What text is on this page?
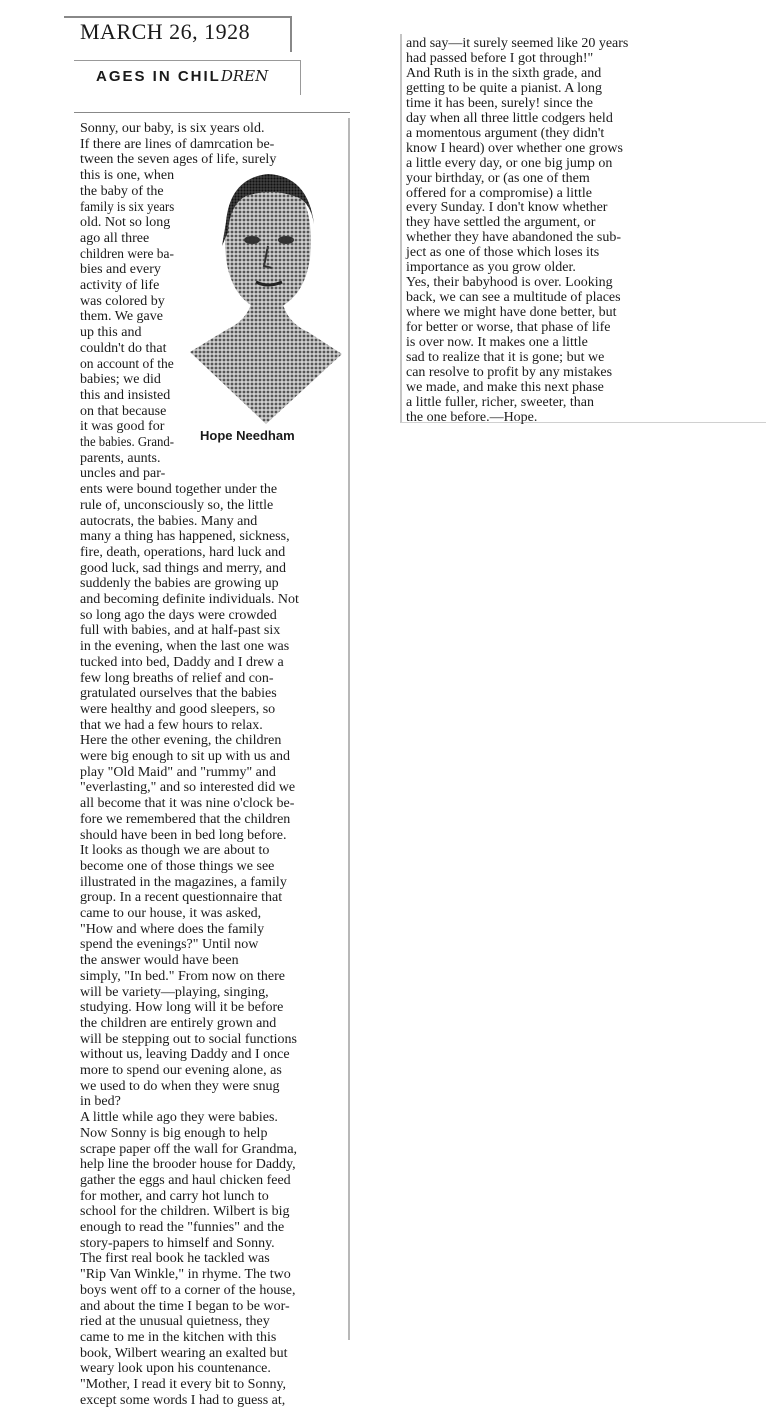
MARCH 26, 1928
AGES IN CHILDREN
Hope Needham
Sonny, our baby, is six years old.
If there are lines of damrcation be-
tween the seven ages of life, surely
this is one, when
the baby of the
family is six years
old. Not so long
ago all three
children were ba-
bies and every
activity of life
was colored by
them. We gave
up this and
couldn't do that
on account of the
babies; we did
this and insisted
on that because
it was good for
the babies. Grand-
parents, aunts.
uncles and par-
ents were bound together under the
rule of, unconsciously so, the little
autocrats, the babies. Many and
many a thing has happened, sickness,
fire, death, operations, hard luck and
good luck, sad things and merry, and
suddenly the babies are growing up
and becoming definite individuals. Not
so long ago the days were crowded
full with babies, and at half-past six
in the evening, when the last one was
tucked into bed, Daddy and I drew a
few long breaths of relief and con-
gratulated ourselves that the babies
were healthy and good sleepers, so
that we had a few hours to relax.
Here the other evening, the children
were big enough to sit up with us and
play "Old Maid" and "rummy" and
"everlasting," and so interested did we
all become that it was nine o'clock be-
fore we remembered that the children
should have been in bed long before.
It looks as though we are about to
become one of those things we see
illustrated in the magazines, a family
group. In a recent questionnaire that
came to our house, it was asked,
"How and where does the family
spend the evenings?" Until now
the answer would have been
simply, "In bed." From now on there
will be variety—playing, singing,
studying. How long will it be before
the children are entirely grown and
will be stepping out to social functions
without us, leaving Daddy and I once
more to spend our evening alone, as
we used to do when they were snug
in bed?
A little while ago they were babies.
Now Sonny is big enough to help
scrape paper off the wall for Grandma,
help line the brooder house for Daddy,
gather the eggs and haul chicken feed
for mother, and carry hot lunch to
school for the children. Wilbert is big
enough to read the "funnies" and the
story-papers to himself and Sonny.
The first real book he tackled was
"Rip Van Winkle," in rhyme. The two
boys went off to a corner of the house,
and about the time I began to be wor-
ried at the unusual quietness, they
came to me in the kitchen with this
book, Wilbert wearing an exalted but
weary look upon his countenance.
"Mother, I read it every bit to Sonny,
except some words I had to guess at,
and say—it surely seemed like 20 years
had passed before I got through!"
And Ruth is in the sixth grade, and
getting to be quite a pianist. A long
time it has been, surely! since the
day when all three little codgers held
a momentous argument (they didn't
know I heard) over whether one grows
a little every day, or one big jump on
your birthday, or (as one of them
offered for a compromise) a little
every Sunday. I don't know whether
they have settled the argument, or
whether they have abandoned the sub-
ject as one of those which loses its
importance as you grow older.
Yes, their babyhood is over. Looking
back, we can see a multitude of places
where we might have done better, but
for better or worse, that phase of life
is over now. It makes one a little
sad to realize that it is gone; but we
can resolve to profit by any mistakes
we made, and make this next phase
a little fuller, richer, sweeter, than
the one before.—Hope.
